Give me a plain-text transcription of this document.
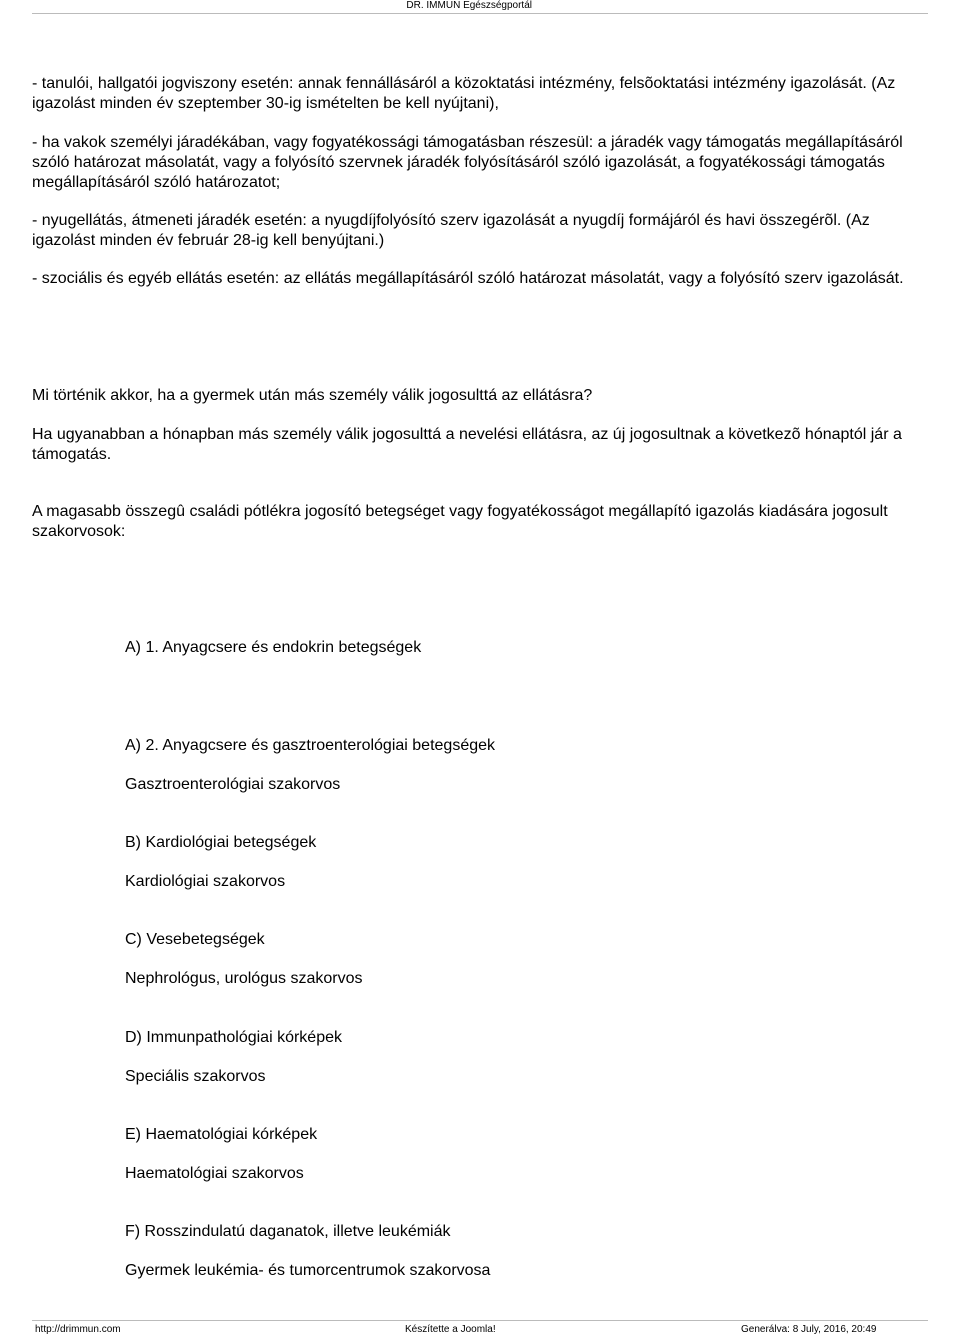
DR. IMMUN Egészségportál

- tanulói, hallgatói jogviszony esetén: annak fennállásáról a közoktatási intézmény, felsõoktatási intézmény igazolását. (Az igazolást minden év szeptember 30-ig ismételten be kell nyújtani),

- ha vakok személyi járadékában, vagy fogyatékossági támogatásban részesül: a járadék vagy támogatás megállapításáról szóló határozat másolatát, vagy a folyósító szervnek járadék folyósításáról szóló igazolását, a fogyatékossági támogatás megállapításáról szóló határozatot;

- nyugellátás, átmeneti járadék esetén: a nyugdíjfolyósító szerv igazolását a nyugdíj formájáról és havi összegérõl. (Az igazolást minden év február 28-ig kell benyújtani.)

- szociális és egyéb ellátás esetén: az ellátás megállapításáról szóló határozat másolatát, vagy a folyósító szerv igazolását.

Mi történik akkor, ha a gyermek után más személy válik jogosulttá az ellátásra?

Ha ugyanabban a hónapban más személy válik jogosulttá a nevelési ellátásra, az új jogosultnak a következõ hónaptól jár a támogatás.

A magasabb összegû családi pótlékra jogosító betegséget vagy fogyatékosságot megállapító igazolás kiadására jogosult szakorvosok:

A) 1. Anyagcsere és endokrin betegségek

A) 2. Anyagcsere és gasztroenterológiai betegségek

Gasztroenterológiai szakorvos

B) Kardiológiai betegségek

Kardiológiai szakorvos

C) Vesebetegségek

Nephrológus, urológus szakorvos

D) Immunpathológiai kórképek

Speciális szakorvos

E) Haematológiai kórképek

Haematológiai szakorvos

F) Rosszindulatú daganatok, illetve leukémiák

Gyermek leukémia- és tumorcentrumok szakorvosa

http://drimmun.com	Készítette a Joomla!	Generálva: 8 July, 2016, 20:49
